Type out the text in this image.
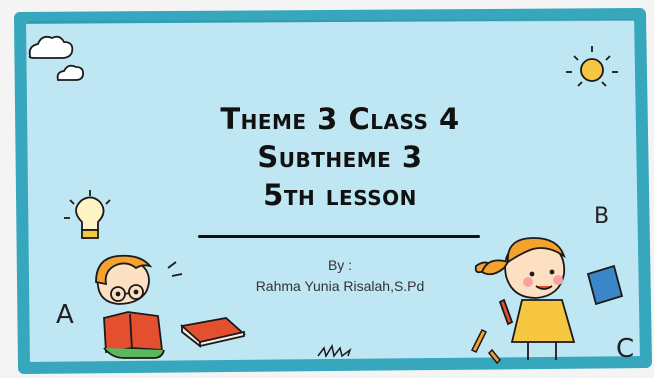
Theme 3 Class 4
Subtheme 3
5th lesson
By :
Rahma Yunia Risalah,S.Pd
A
B
C
